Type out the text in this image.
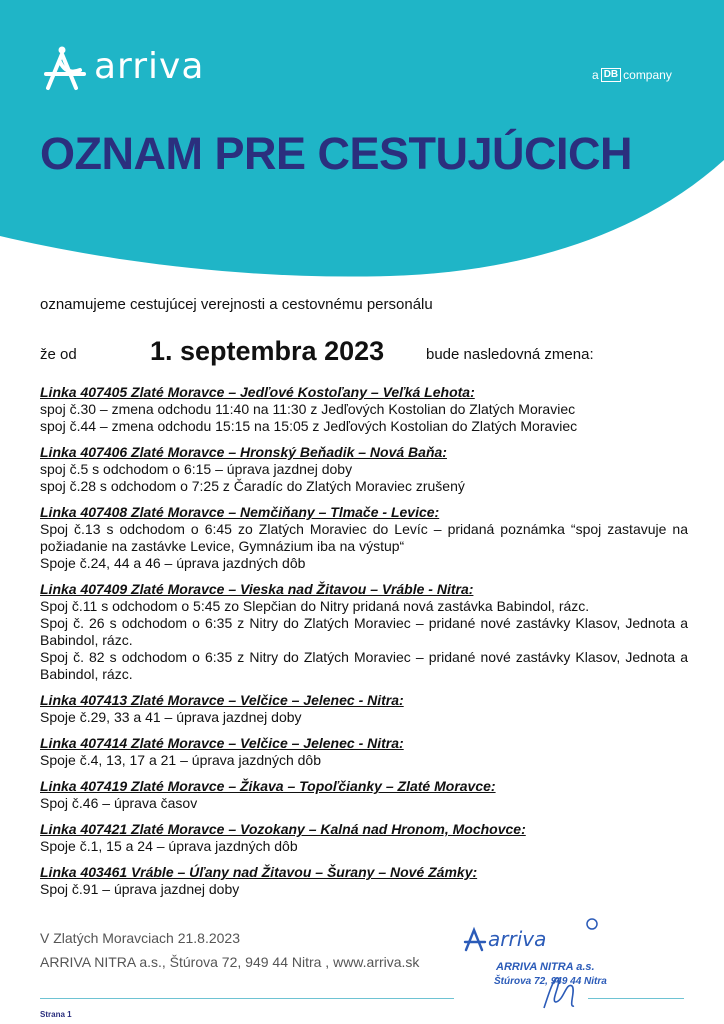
arriva	a DB company
OZNAM PRE CESTUJÚCICH

oznamujeme cestujúcej verejnosti a cestovnému personálu

že od	1. septembra 2023	bude nasledovná zmena:
Linka 407405 Zlaté Moravce – Jedľové Kostoľany – Veľká Lehota:
spoj č.30 – zmena odchodu 11:40 na 11:30 z Jedľových Kostolian do Zlatých Moraviec
spoj č.44 – zmena odchodu 15:15 na 15:05 z Jedľových Kostolian do Zlatých Moraviec
Linka 407406 Zlaté Moravce – Hronský Beňadik – Nová Baňa:
spoj č.5 s odchodom o 6:15 – úprava jazdnej doby
spoj č.28 s odchodom o 7:25 z Čaradíc do Zlatých Moraviec zrušený
Linka 407408 Zlaté Moravce – Nemčiňany – Tlmače - Levice:
Spoj č.13 s odchodom o 6:45 zo Zlatých Moraviec do Levíc – pridaná poznámka “spoj zastavuje na požiadanie na zastávke Levice, Gymnázium iba na výstup“
Spoje č.24, 44 a 46 – úprava jazdných dôb
Linka 407409 Zlaté Moravce – Vieska nad Žitavou – Vráble - Nitra:
Spoj č.11 s odchodom o 5:45 zo Slepčian do Nitry pridaná nová zastávka Babindol, rázc.
Spoj č. 26 s odchodom o 6:35 z Nitry do Zlatých Moraviec – pridané nové zastávky Klasov, Jednota a Babindol, rázc.
Spoj č. 82 s odchodom o 6:35 z Nitry do Zlatých Moraviec – pridané nové zastávky Klasov, Jednota a Babindol, rázc.
Linka 407413 Zlaté Moravce – Velčice – Jelenec - Nitra:
Spoje č.29, 33 a 41 – úprava jazdnej doby
Linka 407414 Zlaté Moravce – Velčice – Jelenec - Nitra:
Spoje č.4, 13, 17 a 21 – úprava jazdných dôb
Linka 407419 Zlaté Moravce – Žikava – Topoľčianky – Zlaté Moravce:
Spoj č.46 – úprava časov
Linka 407421 Zlaté Moravce – Vozokany – Kalná nad Hronom, Mochovce:
Spoje č.1, 15 a 24 – úprava jazdných dôb
Linka 403461 Vráble – Úľany nad Žitavou – Šurany – Nové Zámky:
Spoj č.91 – úprava jazdnej doby

V Zlatých Moravciach 21.8.2023

ARRIVA NITRA a.s., Štúrova 72, 949 44 Nitra , www.arriva.sk

Strana 1

arriva
ARRIVA NITRA a.s.
Štúrova 72, 949 44 Nitra
